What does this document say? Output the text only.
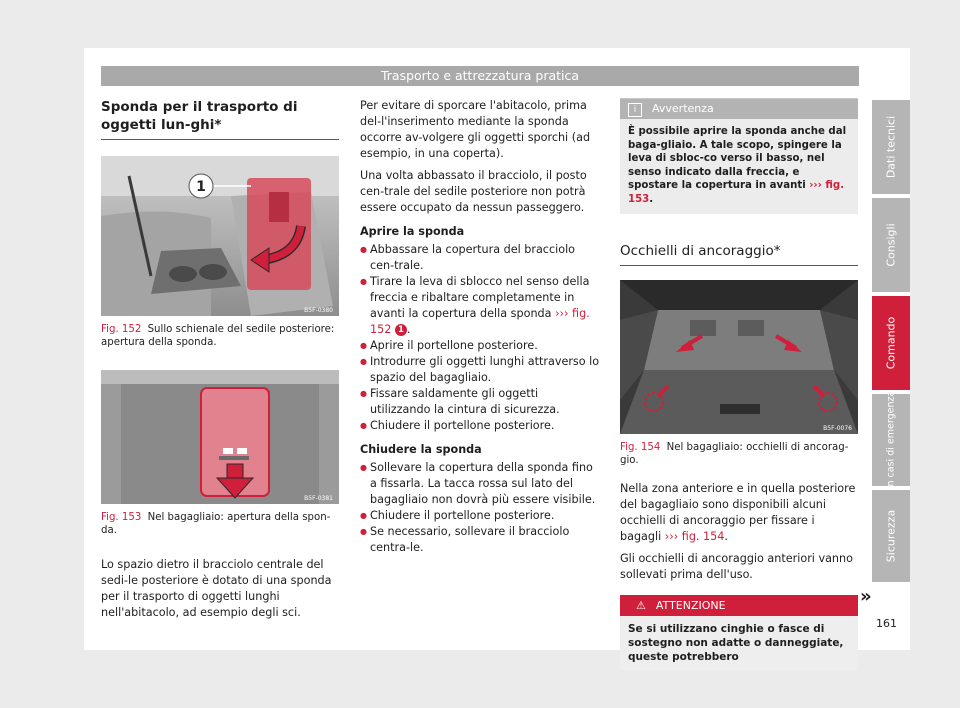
Trasporto e attrezzatura pratica
Sponda per il trasporto di oggetti lun-ghi*
1
B5F-0380
Fig. 152 Sullo schienale del sedile posteriore: apertura della sponda.
B5F-0381
Fig. 153 Nel bagagliaio: apertura della spon-da.

Lo spazio dietro il bracciolo centrale del sedi-le posteriore è dotato di una sponda per il trasporto di oggetti lunghi nell'abitacolo, ad esempio degli sci.

Per evitare di sporcare l'abitacolo, prima del-l'inserimento mediante la sponda occorre av-volgere gli oggetti sporchi (ad esempio, in una coperta).

Una volta abbassato il bracciolo, il posto cen-trale del sedile posteriore non potrà essere occupato da nessun passeggero.

Aprire la sponda
● Abbassare la copertura del bracciolo cen-trale.
● Tirare la leva di sblocco nel senso della freccia e ribaltare completamente in avanti la copertura della sponda ››› fig. 152 1 .
● Aprire il portellone posteriore.
● Introdurre gli oggetti lunghi attraverso lo spazio del bagagliaio.
● Fissare saldamente gli oggetti utilizzando la cintura di sicurezza.
● Chiudere il portellone posteriore.
Chiudere la sponda
● Sollevare la copertura della sponda fino a fissarla. La tacca rossa sul lato del bagagliaio non dovrà più essere visibile.
● Chiudere il portellone posteriore.
● Se necessario, sollevare il bracciolo centra-le.
i Avvertenza
È possibile aprire la sponda anche dal baga-gliaio. A tale scopo, spingere la leva di sbloc-co verso il basso, nel senso indicato dalla freccia, e spostare la copertura in avanti ››› fig. 153.
Occhielli di ancoraggio*
B5F-0076
Fig. 154 Nel bagagliaio: occhielli di ancorag-gio.

Nella zona anteriore e in quella posteriore del bagagliaio sono disponibili alcuni occhielli di ancoraggio per fissare i bagagli ››› fig. 154.

Gli occhielli di ancoraggio anteriori vanno sollevati prima dell'uso.

⚠ ATTENZIONE
Se si utilizzano cinghie o fasce di sostegno non adatte o danneggiate, queste potrebbero
»
Dati tecnici
Consigli
Comando
In casi di emergenza
Sicurezza
161
